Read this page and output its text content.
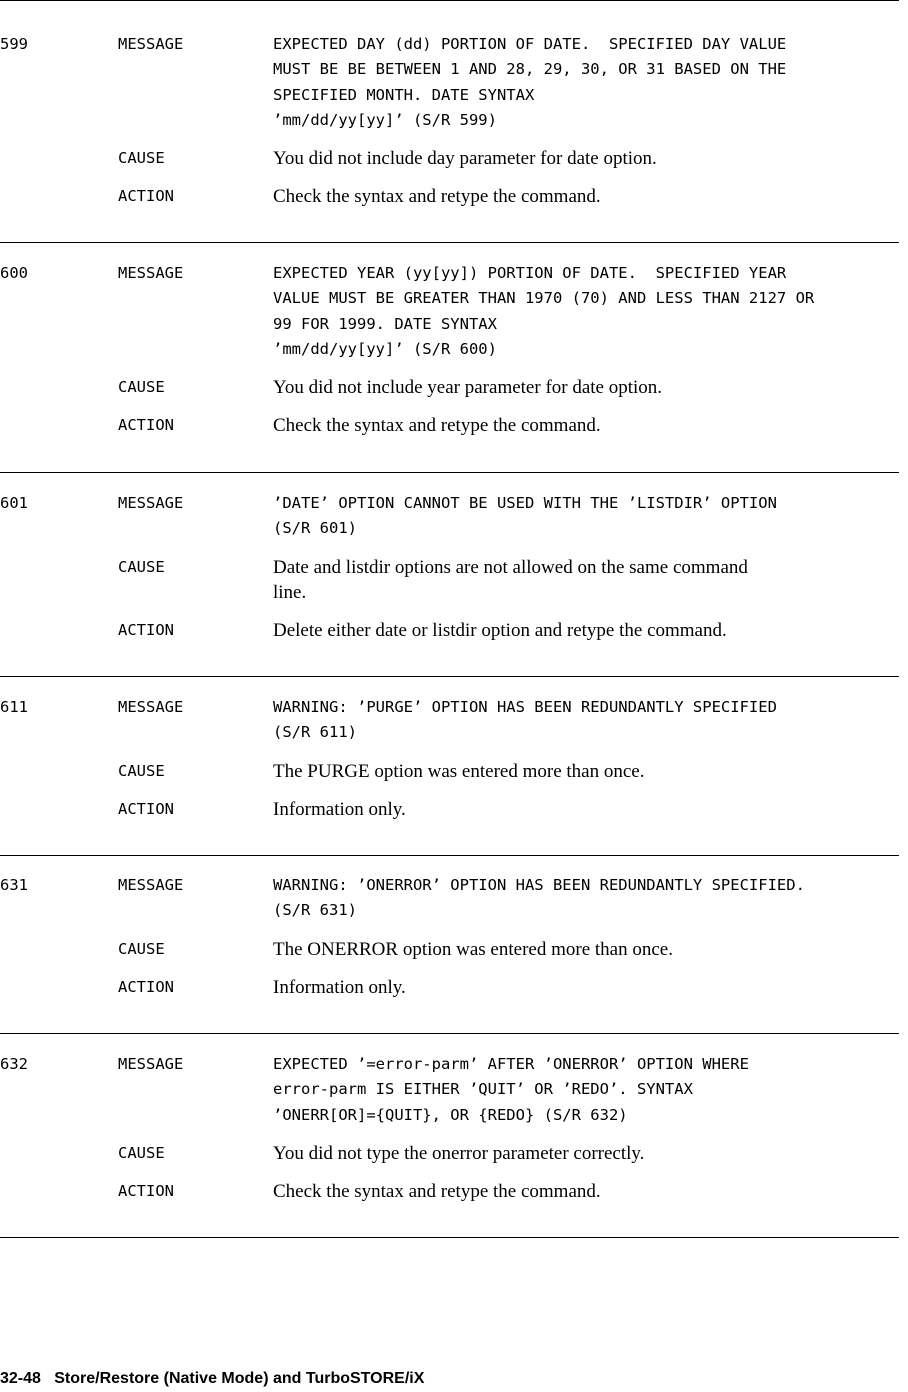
599	MESSAGE	EXPECTED DAY (dd) PORTION OF DATE.  SPECIFIED DAY VALUE
MUST BE BE BETWEEN 1 AND 28, 29, 30, OR 31 BASED ON THE
SPECIFIED MONTH. DATE SYNTAX
’mm/dd/yy[yy]’ (S/R 599)
CAUSE	You did not include day parameter for date option.
ACTION	Check the syntax and retype the command.
600	MESSAGE	EXPECTED YEAR (yy[yy]) PORTION OF DATE.  SPECIFIED YEAR
VALUE MUST BE GREATER THAN 1970 (70) AND LESS THAN 2127 OR
99 FOR 1999. DATE SYNTAX
’mm/dd/yy[yy]’ (S/R 600)
CAUSE	You did not include year parameter for date option.
ACTION	Check the syntax and retype the command.
601	MESSAGE	’DATE’ OPTION CANNOT BE USED WITH THE ’LISTDIR’ OPTION
(S/R 601)
CAUSE	Date and listdir options are not allowed on the same command
line.
ACTION	Delete either date or listdir option and retype the command.
611	MESSAGE	WARNING: ’PURGE’ OPTION HAS BEEN REDUNDANTLY SPECIFIED
(S/R 611)
CAUSE	The PURGE option was entered more than once.
ACTION	Information only.
631	MESSAGE	WARNING: ’ONERROR’ OPTION HAS BEEN REDUNDANTLY SPECIFIED.
(S/R 631)
CAUSE	The ONERROR option was entered more than once.
ACTION	Information only.
632	MESSAGE	EXPECTED ’=error-parm’ AFTER ’ONERROR’ OPTION WHERE
error-parm IS EITHER ’QUIT’ OR ’REDO’. SYNTAX
’ONERR[OR]={QUIT}, OR {REDO} (S/R 632)
CAUSE	You did not type the onerror parameter correctly.
ACTION	Check the syntax and retype the command.
32-48   Store/Restore (Native Mode) and TurboSTORE/iX
